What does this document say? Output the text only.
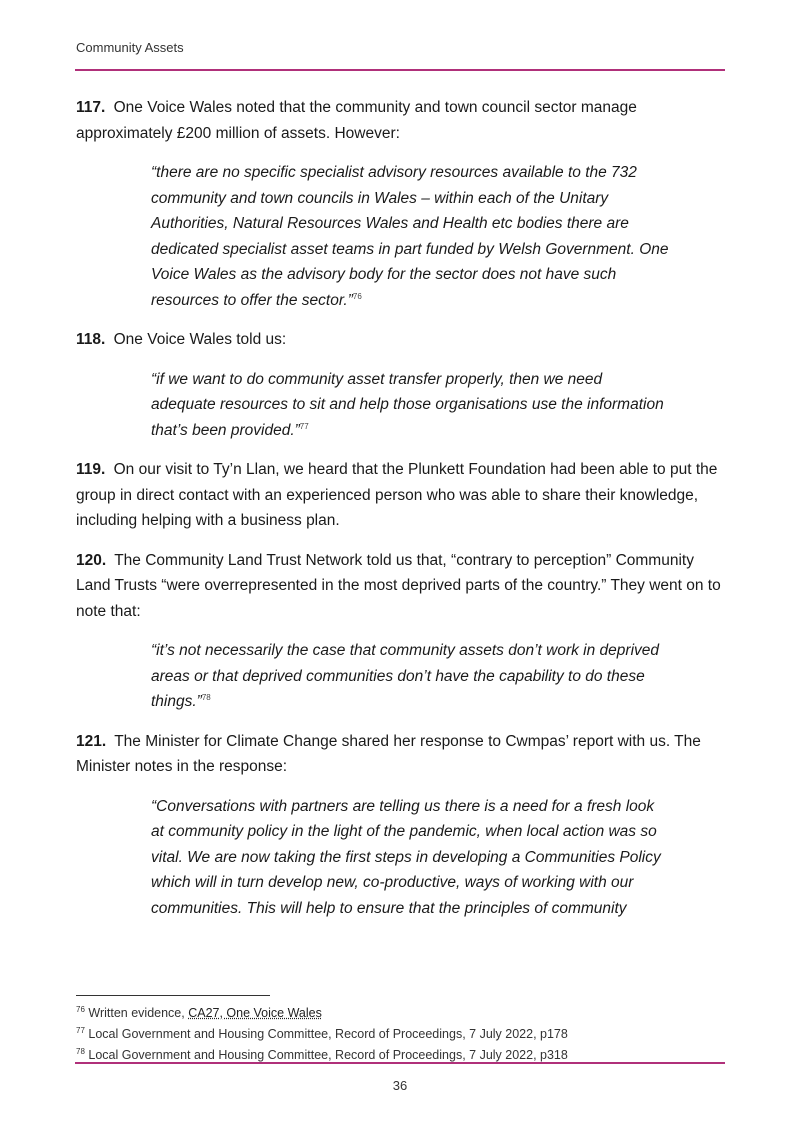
Community Assets

117. One Voice Wales noted that the community and town council sector manage approximately £200 million of assets. However:

“there are no specific specialist advisory resources available to the 732 community and town councils in Wales – within each of the Unitary Authorities, Natural Resources Wales and Health etc bodies there are dedicated specialist asset teams in part funded by Welsh Government. One Voice Wales as the advisory body for the sector does not have such resources to offer the sector.”$^{76}$

118. One Voice Wales told us:

“if we want to do community asset transfer properly, then we need adequate resources to sit and help those organisations use the information that’s been provided.”$^{77}$

119. On our visit to Ty’n Llan, we heard that the Plunkett Foundation had been able to put the group in direct contact with an experienced person who was able to share their knowledge, including helping with a business plan.

120. The Community Land Trust Network told us that, “contrary to perception” Community Land Trusts “were overrepresented in the most deprived parts of the country.” They went on to note that:

“it’s not necessarily the case that community assets don’t work in deprived areas or that deprived communities don’t have the capability to do these things.”$^{78}$

121. The Minister for Climate Change shared her response to Cwmpas’ report with us. The Minister notes in the response:

“Conversations with partners are telling us there is a need for a fresh look at community policy in the light of the pandemic, when local action was so vital. We are now taking the first steps in developing a Communities Policy which will in turn develop new, co-productive, ways of working with our communities. This will help to ensure that the principles of community

$^{76}$ Written evidence, CA27, One Voice Wales
$^{77}$ Local Government and Housing Committee, Record of Proceedings, 7 July 2022, p178
$^{78}$ Local Government and Housing Committee, Record of Proceedings, 7 July 2022, p318
36
